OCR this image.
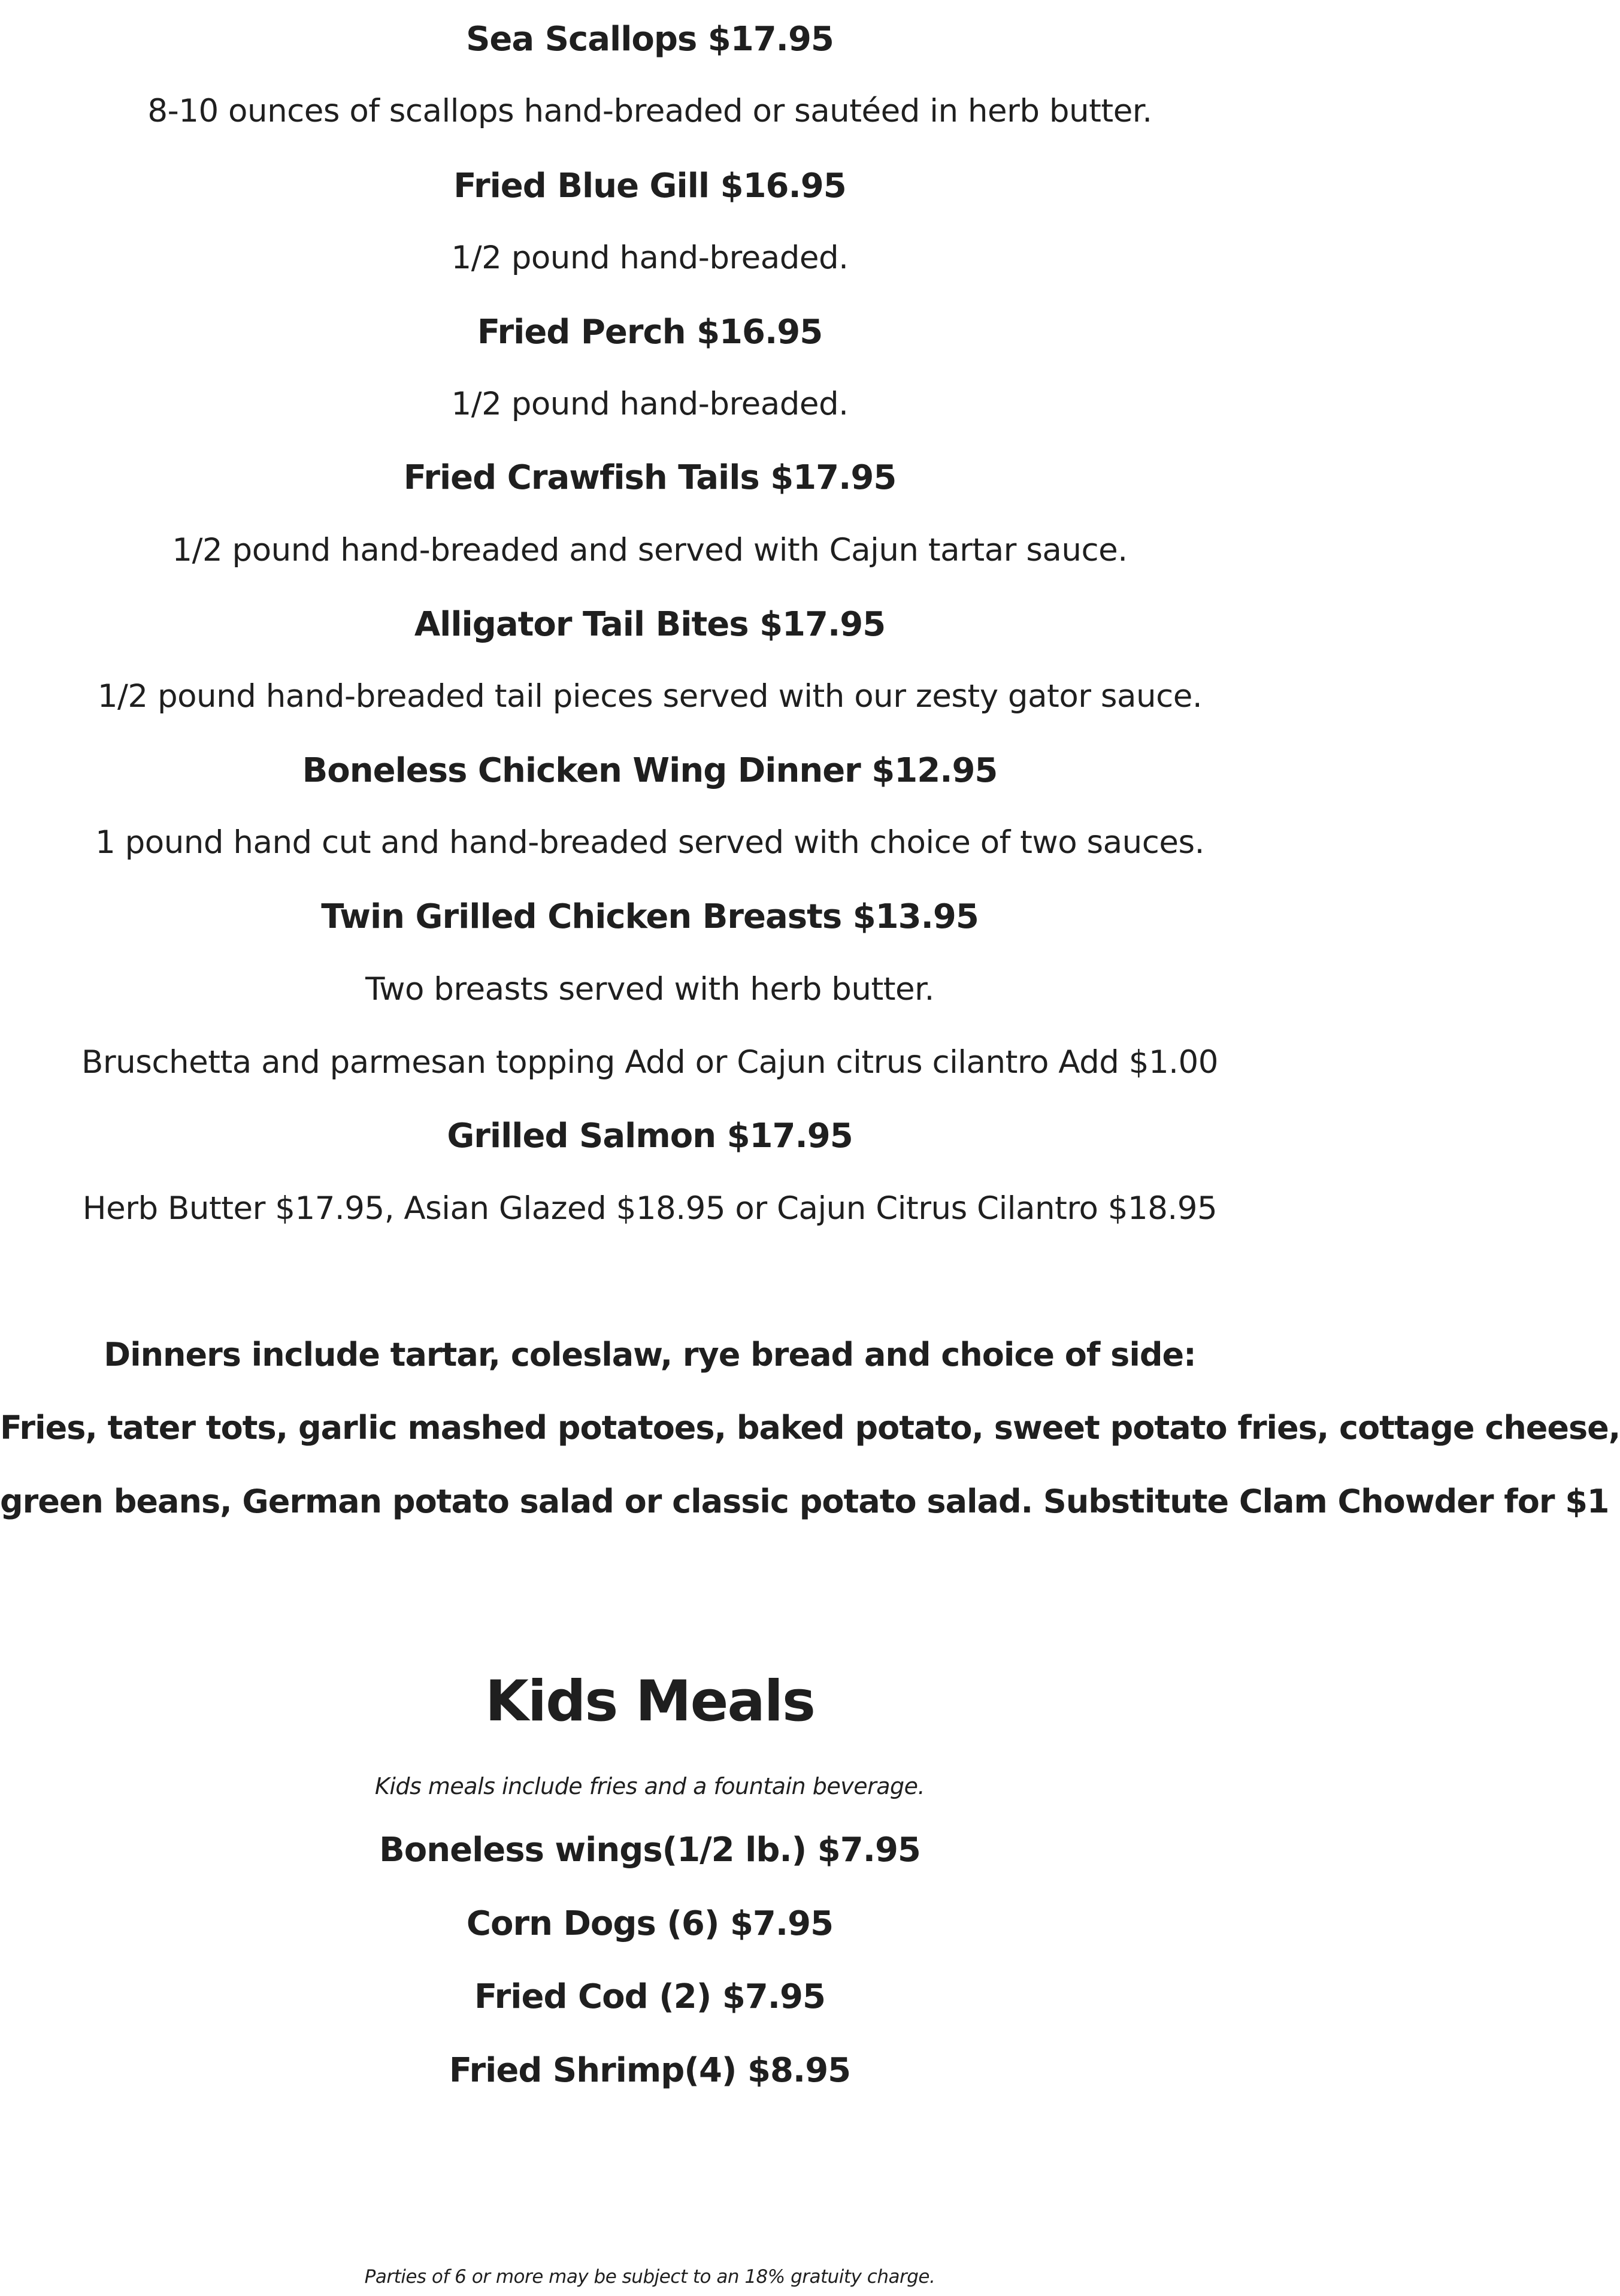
Sea Scallops $17.95
8-10 ounces of scallops hand-breaded or sautéed in herb butter.
Fried Blue Gill $16.95
1/2 pound hand-breaded.
Fried Perch $16.95
1/2 pound hand-breaded.
Fried Crawfish Tails $17.95
1/2 pound hand-breaded and served with Cajun tartar sauce.
Alligator Tail Bites $17.95
1/2 pound hand-breaded tail pieces served with our zesty gator sauce.
Boneless Chicken Wing Dinner $12.95
1 pound hand cut and hand-breaded served with choice of two sauces.
Twin Grilled Chicken Breasts $13.95
Two breasts served with herb butter.
Bruschetta and parmesan topping Add or Cajun citrus cilantro Add $1.00
Grilled Salmon $17.95
Herb Butter $17.95, Asian Glazed $18.95 or Cajun Citrus Cilantro $18.95
Dinners include tartar, coleslaw, rye bread and choice of side:
Fries, tater tots, garlic mashed potatoes, baked potato, sweet potato fries, cottage cheese,
green beans, German potato salad or classic potato salad. Substitute Clam Chowder for $1
Kids Meals
Kids meals include fries and a fountain beverage.
Boneless wings(1/2 lb.) $7.95
Corn Dogs (6) $7.95
Fried Cod (2) $7.95
Fried Shrimp(4) $8.95
Parties of 6 or more may be subject to an 18% gratuity charge.
